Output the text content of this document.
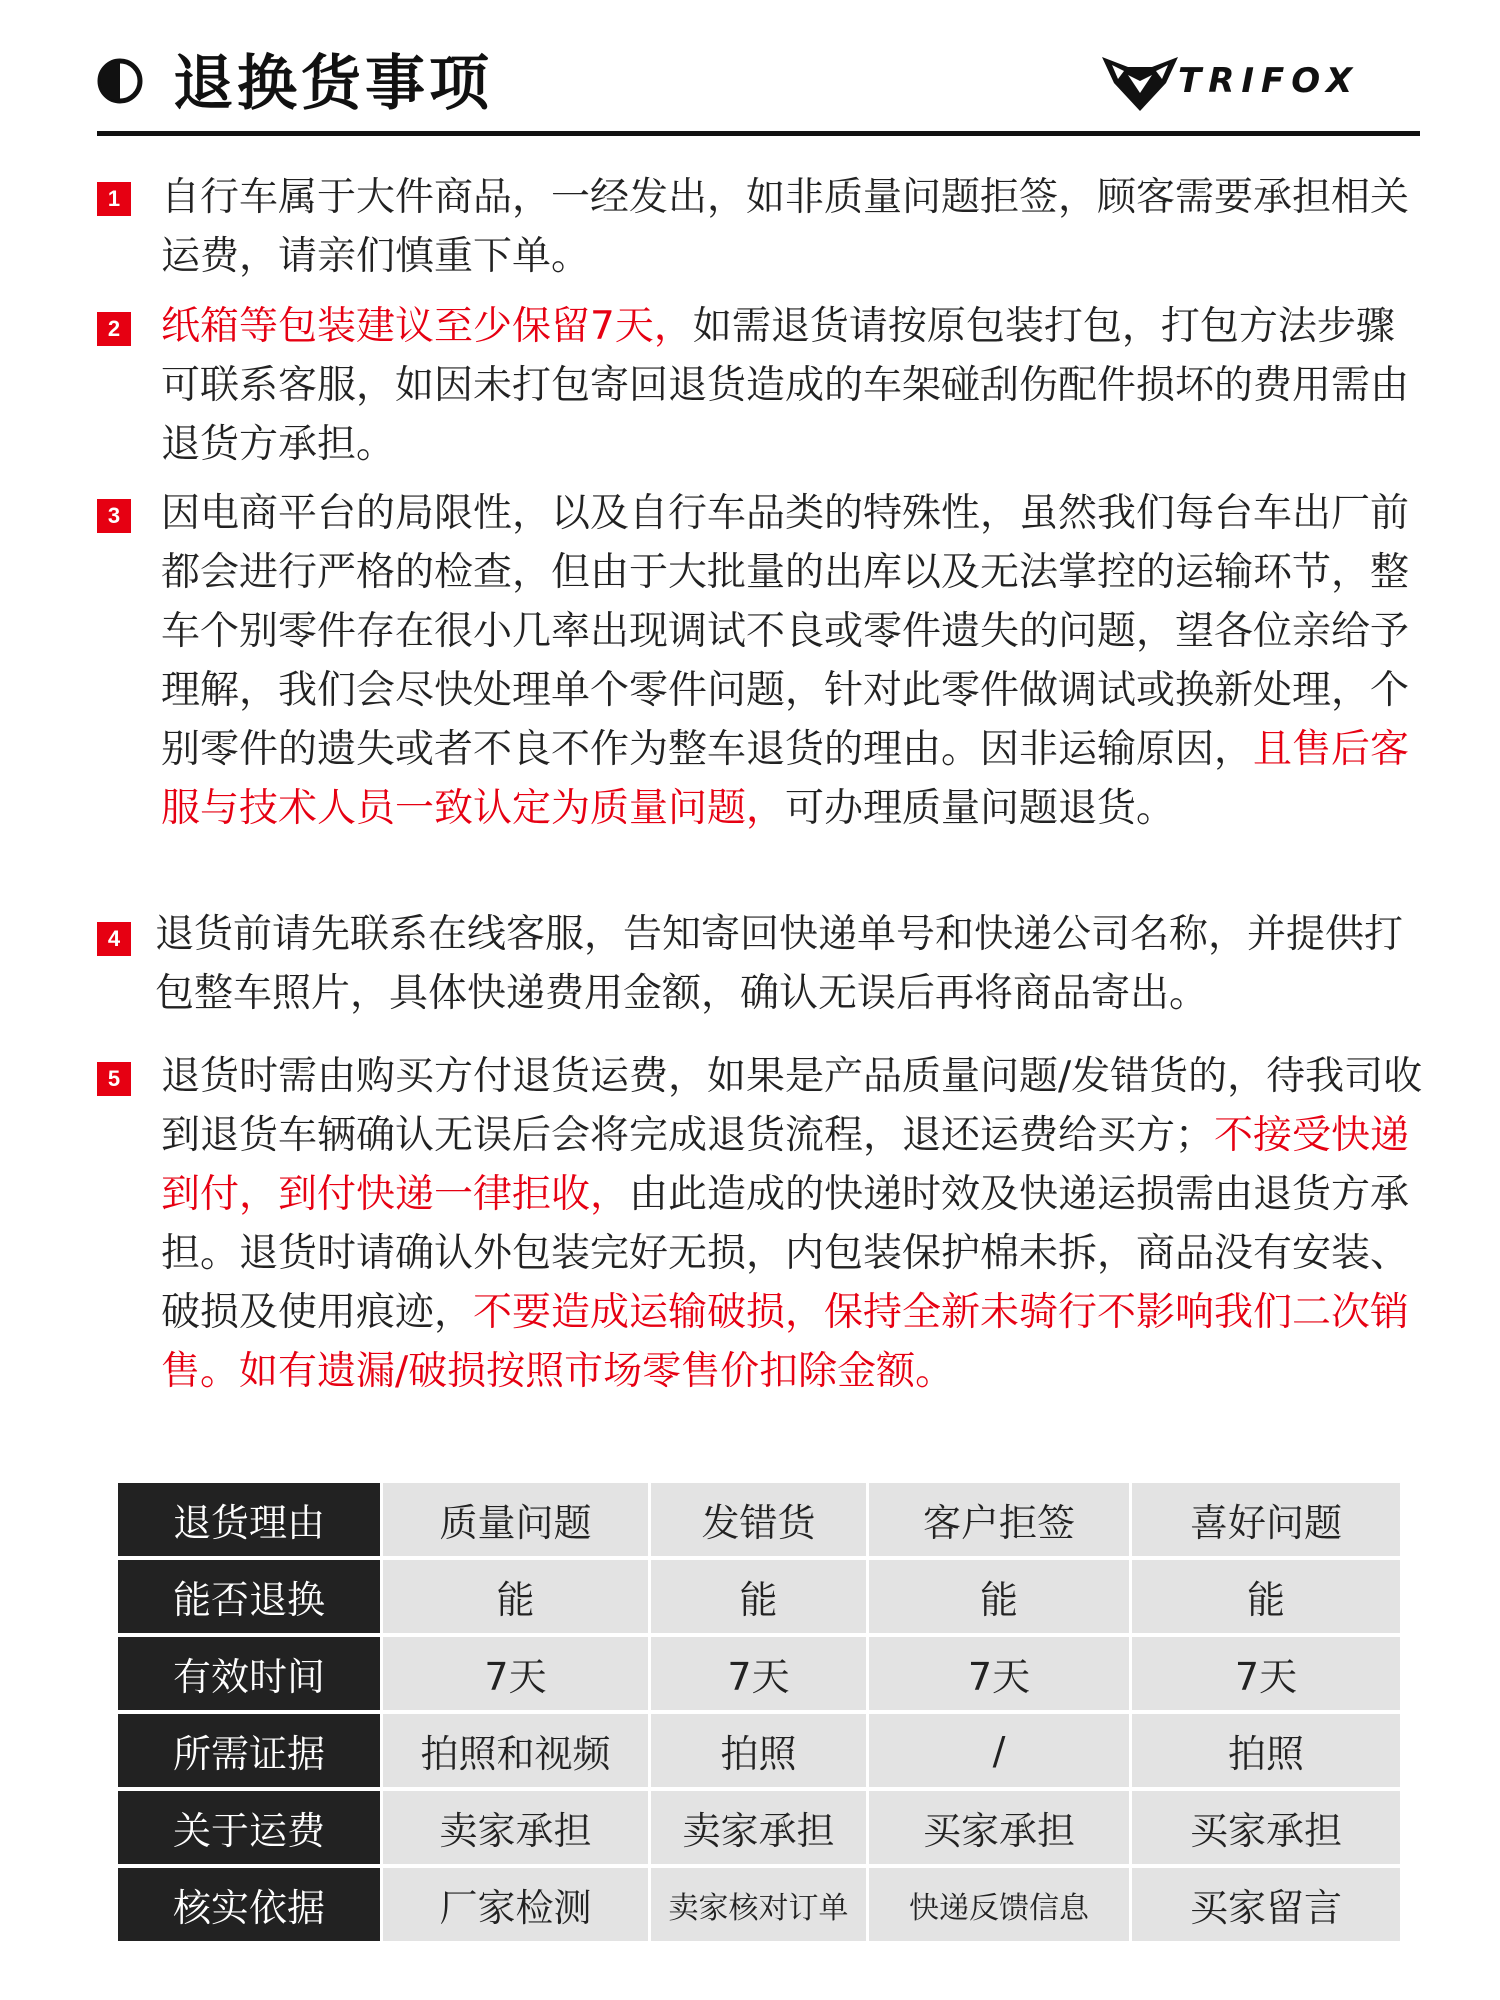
退换货事项	TRIFOX
1 自行车属于大件商品，一经发出，如非质量问题拒签，顾客需要承担相关运费，请亲们慎重下单。
2 纸箱等包装建议至少保留7天，如需退货请按原包装打包，打包方法步骤可联系客服，如因未打包寄回退货造成的车架碰刮伤配件损坏的费用需由退货方承担。
3 因电商平台的局限性，以及自行车品类的特殊性，虽然我们每台车出厂前都会进行严格的检查，但由于大批量的出库以及无法掌控的运输环节，整车个别零件存在很小几率出现调试不良或零件遗失的问题，望各位亲给予理解，我们会尽快处理单个零件问题，针对此零件做调试或换新处理，个别零件的遗失或者不良不作为整车退货的理由。因非运输原因，且售后客服与技术人员一致认定为质量问题，可办理质量问题退货。
4 退货前请先联系在线客服，告知寄回快递单号和快递公司名称，并提供打包整车照片，具体快递费用金额，确认无误后再将商品寄出。
5 退货时需由购买方付退货运费，如果是产品质量问题/发错货的，待我司收到退货车辆确认无误后会将完成退货流程，退还运费给买方；不接受快递到付，到付快递一律拒收，由此造成的快递时效及快递运损需由退货方承担。退货时请确认外包装完好无损，内包装保护棉未拆，商品没有安装、破损及使用痕迹，不要造成运输破损，保持全新未骑行不影响我们二次销售。如有遗漏/破损按照市场零售价扣除金额。
退货理由	质量问题	发错货	客户拒签	喜好问题
能否退换	能	能	能	能
有效时间	7天	7天	7天	7天
所需证据	拍照和视频	拍照	/	拍照
关于运费	卖家承担	卖家承担	买家承担	买家承担
核实依据	厂家检测	卖家核对订单	快递反馈信息	买家留言
